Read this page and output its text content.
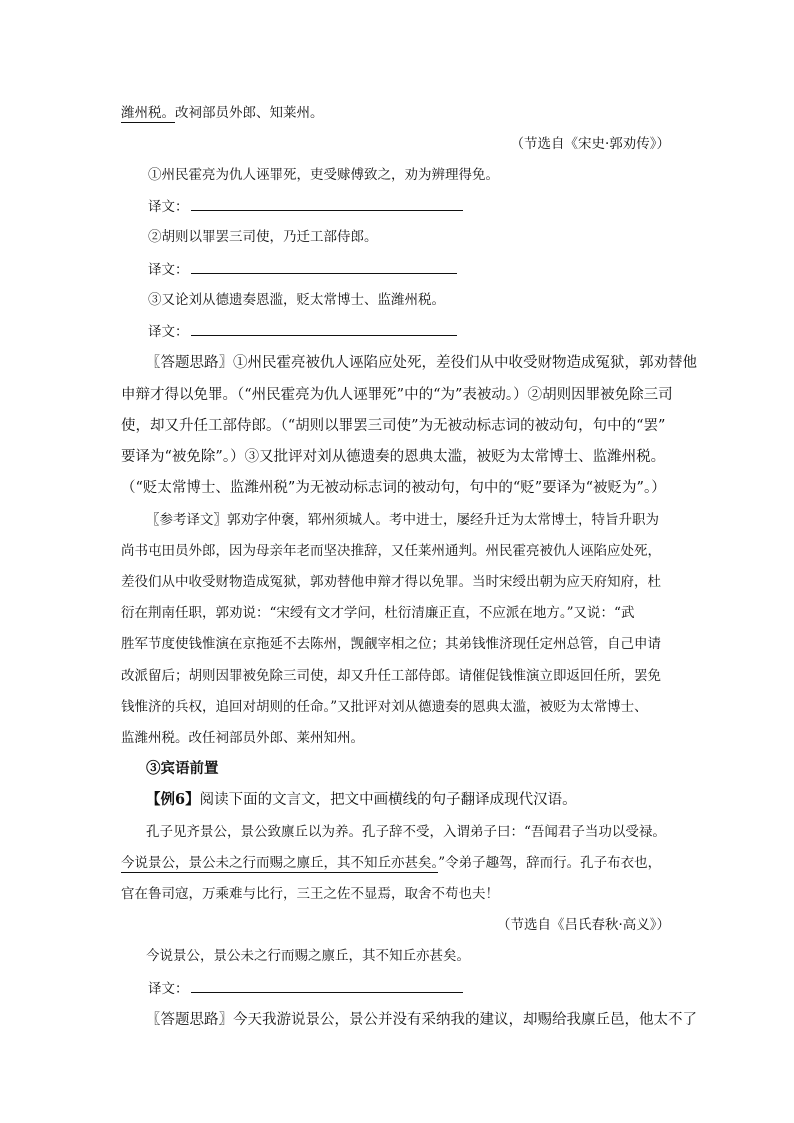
潍州税。改祠部员外郎、知莱州。
（节选自《宋史·郭劝传》）
①州民霍亮为仇人诬罪死，吏受赇傅致之，劝为辨理得免。
译文：
②胡则以罪罢三司使，乃迁工部侍郎。
译文：
③又论刘从德遗奏恩滥，贬太常博士、监潍州税。
译文：
〖答题思路〗①州民霍亮被仇人诬陷应处死，差役们从中收受财物造成冤狱，郭劝替他
申辩才得以免罪。（“州民霍亮为仇人诬罪死”中的“为”表被动。）②胡则因罪被免除三司
使，却又升任工部侍郎。（“胡则以罪罢三司使”为无被动标志词的被动句，句中的“罢”
要译为“被免除”。）③又批评对刘从德遗奏的恩典太滥，被贬为太常博士、监潍州税。
（“贬太常博士、监潍州税”为无被动标志词的被动句，句中的“贬”要译为“被贬为”。）
〖参考译文〗郭劝字仲褒，郓州须城人。考中进士，屡经升迁为太常博士，特旨升职为
尚书屯田员外郎，因为母亲年老而坚决推辞，又任莱州通判。州民霍亮被仇人诬陷应处死，
差役们从中收受财物造成冤狱，郭劝替他申辩才得以免罪。当时宋绶出朝为应天府知府，杜
衍在荆南任职，郭劝说：“宋绶有文才学问，杜衍清廉正直，不应派在地方。”又说：“武
胜军节度使钱惟演在京拖延不去陈州，觊觎宰相之位；其弟钱惟济现任定州总管，自己申请
改派留后；胡则因罪被免除三司使，却又升任工部侍郎。请催促钱惟演立即返回任所，罢免
钱惟济的兵权，追回对胡则的任命。”又批评对刘从德遗奏的恩典太滥，被贬为太常博士、
监潍州税。改任祠部员外郎、莱州知州。
③宾语前置
【例6】阅读下面的文言文，把文中画横线的句子翻译成现代汉语。
孔子见齐景公，景公致廪丘以为养。孔子辞不受，入谓弟子曰：“吾闻君子当功以受禄。
今说景公，景公未之行而赐之廪丘，其不知丘亦甚矣。”令弟子趣驾，辞而行。孔子布衣也，
官在鲁司寇，万乘难与比行，三王之佐不显焉，取舍不苟也夫！
（节选自《吕氏春秋·高义》）
今说景公，景公未之行而赐之廪丘，其不知丘亦甚矣。
译文：
〖答题思路〗今天我游说景公，景公并没有采纳我的建议，却赐给我廪丘邑，他太不了
